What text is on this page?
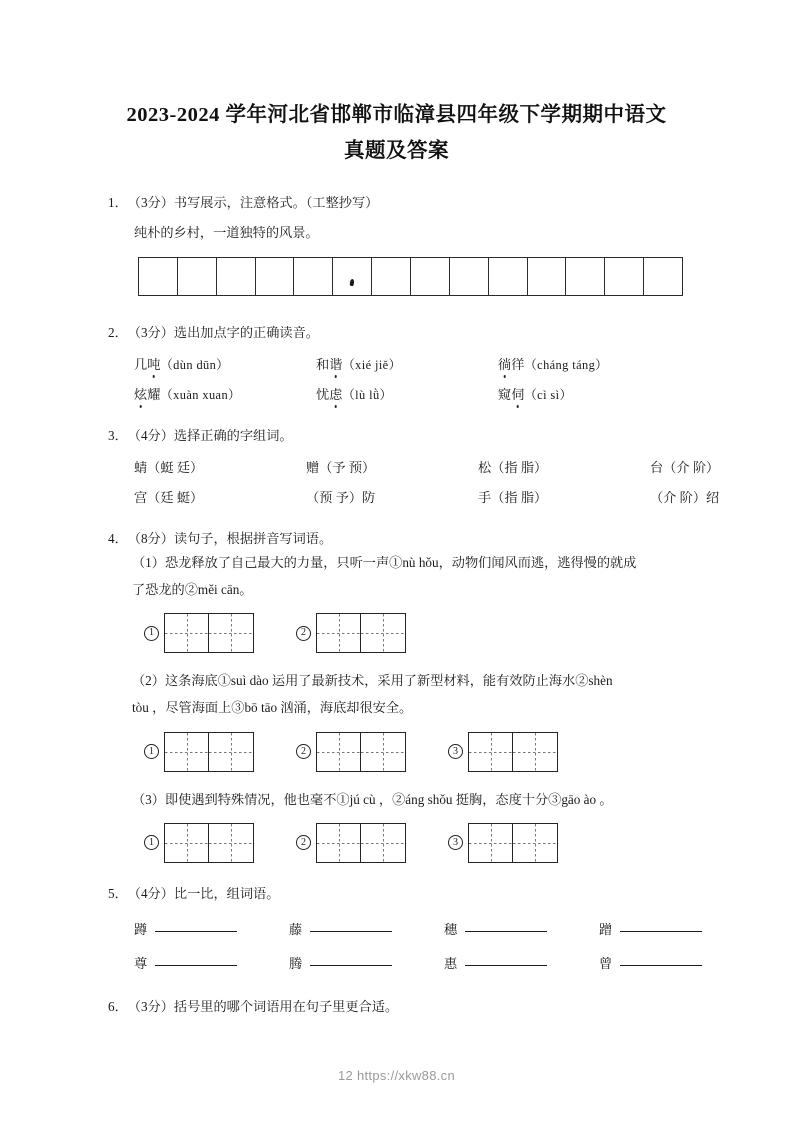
2023-2024 学年河北省邯郸市临漳县四年级下学期期中语文
真题及答案
1．（3分）书写展示，注意格式。（工整抄写）
纯朴的乡村，一道独特的风景。
2．（3分）选出加点字的正确读音。
几吨（dùn dūn）	和谐（xié jiě）	徜徉（cháng táng）
炫耀（xuàn xuan）	忧虑（lù lǜ）	窥伺（cì sì）
3．（4分）选择正确的字组词。
蜻（蜓 廷）	赠（予 预）	松（指 脂）	台（介 阶）
宫（廷 蜓）	（预 予）防	手（指 脂）	（介 阶）绍
4．（8分）读句子，根据拼音写词语。
（1）恐龙释放了自己最大的力量，只听一声①nù hǒu，动物们闻风而逃，逃得慢的就成
了恐龙的②měi cān。
1	2
（2）这条海底①suì dào 运用了最新技术，采用了新型材料，能有效防止海水②shèn
tòu ，尽管海面上③bō tāo 汹涌，海底却很安全。
1	2	3
（3）即使遇到特殊情况，他也毫不①jú cù ，②áng shǒu 挺胸，态度十分③gāo ào 。
1	2	3
5．（4分）比一比，组词语。
蹲	藤	穗	蹭
尊	腾	惠	曾
6．（3分）括号里的哪个词语用在句子里更合适。
12 https://xkw88.cn
